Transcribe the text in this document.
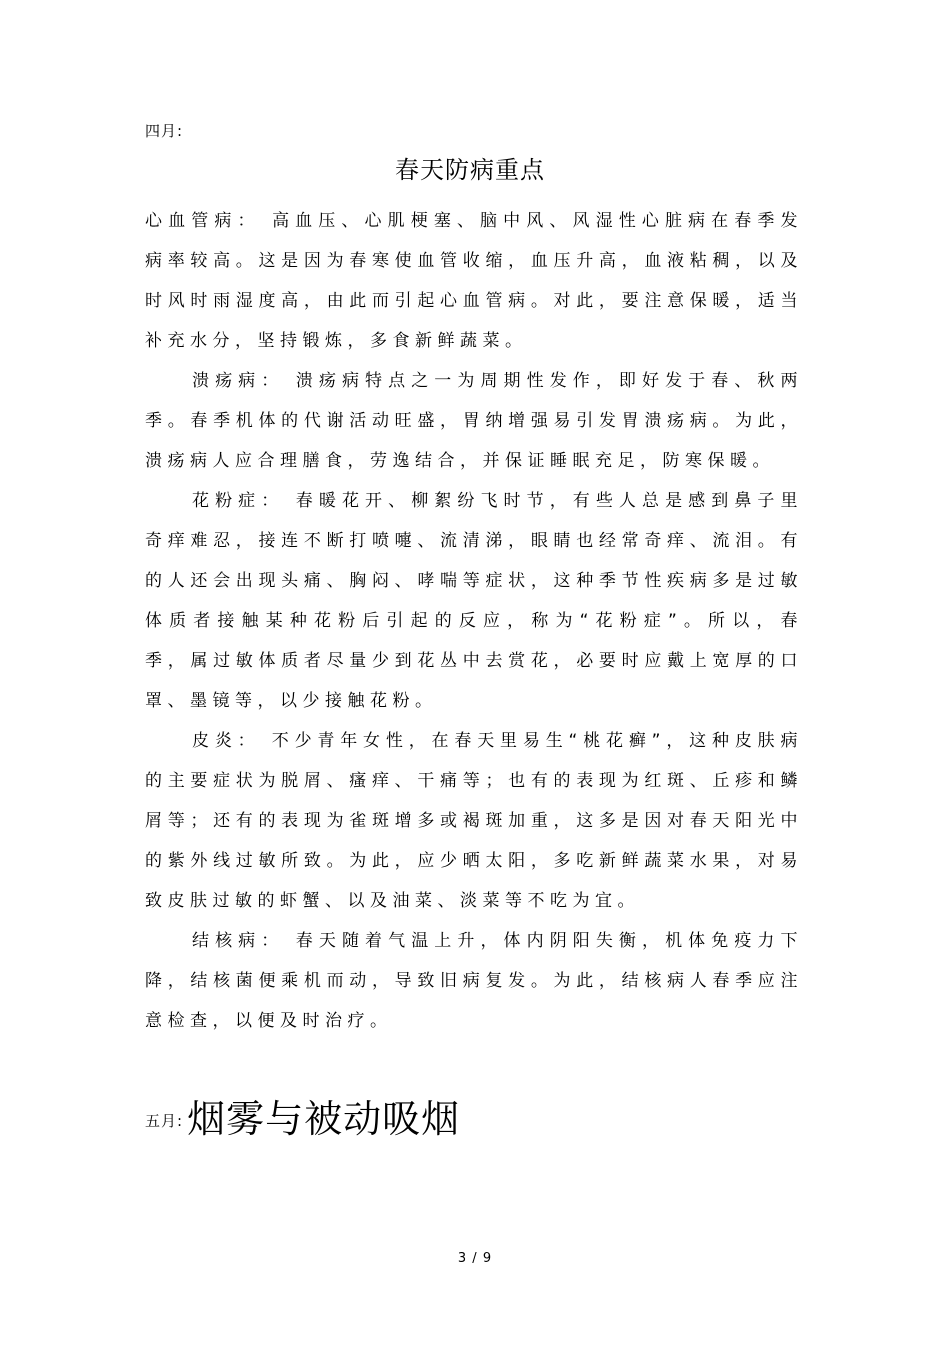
四月:
春天防病重点

心血管病： 高血压、心肌梗塞、脑中风、风湿性心脏病在春季发病率较高。这是因为春寒使血管收缩，血压升高，血液粘稠，以及时风时雨湿度高，由此而引起心血管病。对此，要注意保暖，适当补充水分，坚持锻炼，多食新鲜蔬菜。

溃疡病： 溃疡病特点之一为周期性发作，即好发于春、秋两季。春季机体的代谢活动旺盛，胃纳增强易引发胃溃疡病。为此，溃疡病人应合理膳食，劳逸结合，并保证睡眠充足，防寒保暖。

花粉症： 春暖花开、柳絮纷飞时节，有些人总是感到鼻子里奇痒难忍，接连不断打喷嚏、流清涕，眼睛也经常奇痒、流泪。有的人还会出现头痛、胸闷、哮喘等症状，这种季节性疾病多是过敏体质者接触某种花粉后引起的反应，称为“花粉症”。所以，春季，属过敏体质者尽量少到花丛中去赏花，必要时应戴上宽厚的口罩、墨镜等，以少接触花粉。

皮炎： 不少青年女性，在春天里易生“桃花癣”，这种皮肤病的主要症状为脱屑、瘙痒、干痛等；也有的表现为红斑、丘疹和鳞屑等；还有的表现为雀斑增多或褐斑加重，这多是因对春天阳光中的紫外线过敏所致。为此，应少晒太阳，多吃新鲜蔬菜水果，对易致皮肤过敏的虾蟹、以及油菜、淡菜等不吃为宜。

结核病： 春天随着气温上升，体内阴阳失衡，机体免疫力下降，结核菌便乘机而动，导致旧病复发。为此，结核病人春季应注意检查，以便及时治疗。

五月: 烟雾与被动吸烟
3 / 9
